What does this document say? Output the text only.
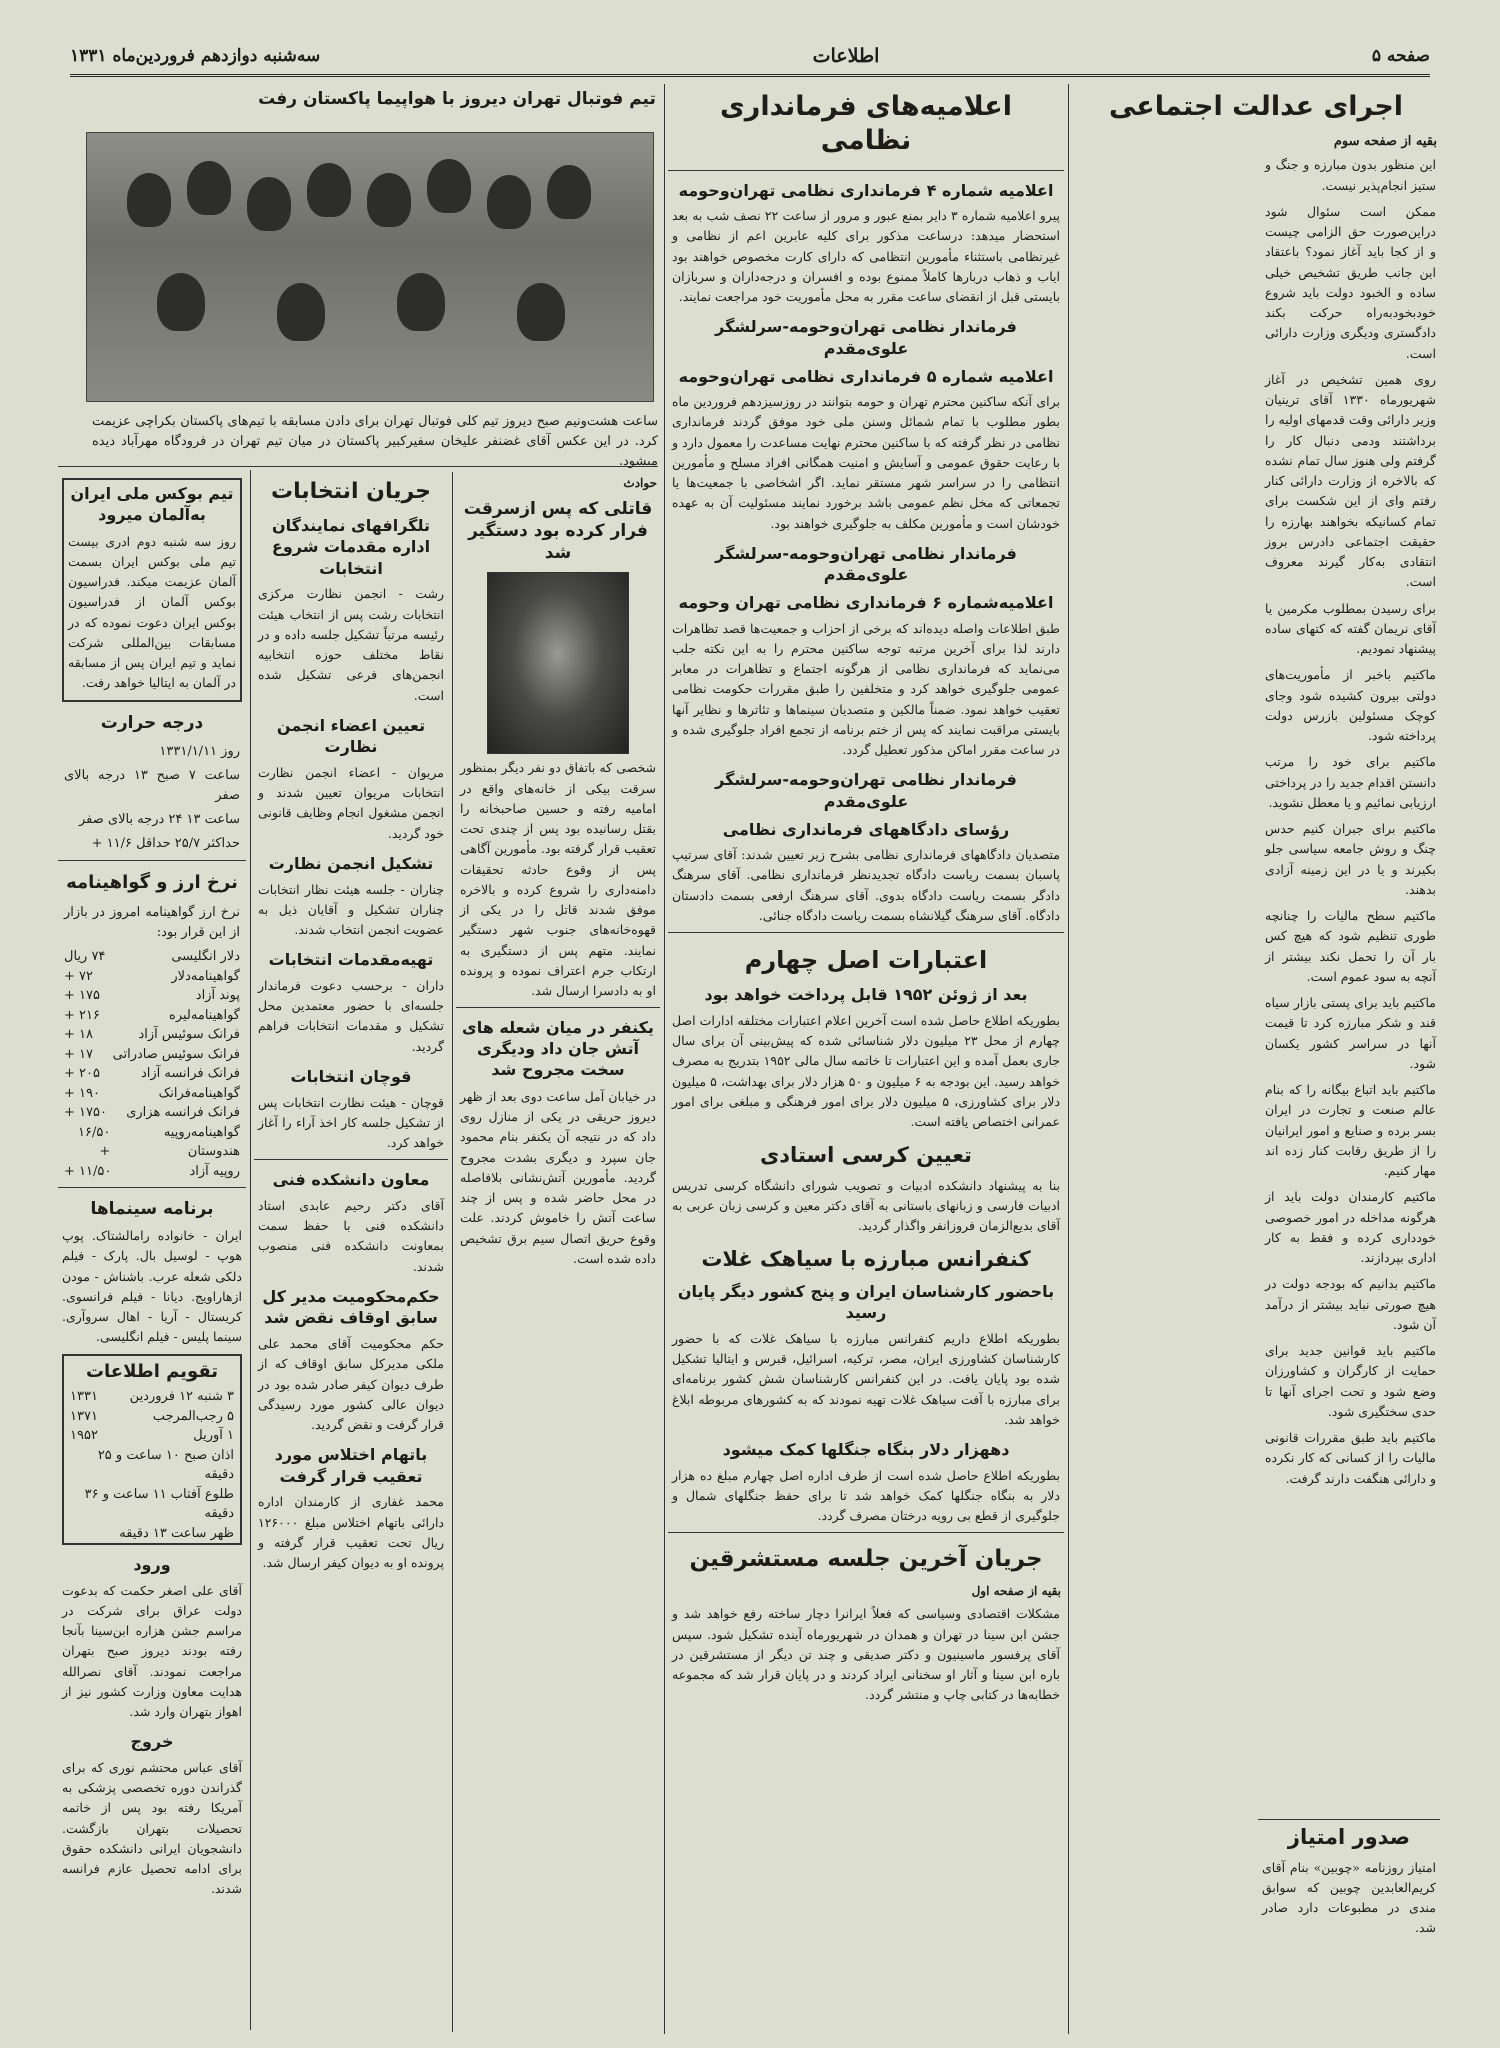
صفحه ۵
اطلاعات
سه‌شنبه دوازدهم فروردین‌ماه ۱۳۳۱
اجرای عدالت اجتماعی
بقیه از صفحه سوم

این منظور بدون مبارزه و جنگ و ستیز انجام‌پذیر نیست.

ممکن است سئوال شود دراین‌صورت حق الزامی چیست و از کجا باید آغاز نمود؟ باعتقاد این جانب طریق تشخیص خیلی ساده و الخبود دولت باید شروع خودبخودبه‌راه حرکت بکند دادگستری ودیگری وزارت دارائی است.

روی همین تشخیص در آغاز شهریورماه ۱۳۳۰ آقای ترینیان وزیر دارائی وقت قدمهای اولیه را برداشتند ودمی دنبال کار را گرفتم ولی هنوز سال تمام نشده که بالاخره از وزارت دارائی کنار رفتم وای از این شکست برای تمام کسانیکه بخواهند بهارزه را حقیقت اجتماعی دادرس بروز انتقادی به‌کار گیرند معروف است.

برای رسیدن بمطلوب مکرمین یا آقای نریمان گفته که کتهای ساده پیشنهاد نمودیم.

ماکتیم باخبر از مأموریت‌های دولتی بیرون کشیده شود وجای کوچک مسئولین بازرس دولت پرداخته شود.

ماکتیم برای خود را مرتب دانستن اقدام جدید را در پرداختی ارزیابی نمائیم و یا معطل نشوید.

ماکتیم برای جبران کنیم حدس چنگ و روش جامعه سیاسی جلو بکیرند و یا در این زمینه آزادی بدهند.

ماکتیم سطح مالیات را چنانچه طوری تنظیم شود که هیچ کس بار آن را تحمل نکند بیشتر از آنچه به سود عموم است.

ماکتیم باید برای پستی بازار سیاه قند و شکر مبارزه کرد تا قیمت آنها در سراسر کشور یکسان شود.

ماکتیم باید اتباع بیگانه را که بنام عالم صنعت و تجارت در ایران بسر برده و صنایع و امور ایرانیان را از طریق رقابت کنار زده اند مهار کنیم.

ماکتیم کارمندان دولت باید از هرگونه مداخله در امور خصوصی خودداری کرده و فقط به کار اداری بپردازند.

ماکتیم بدانیم که بودجه دولت در هیچ صورتی نباید بیشتر از درآمد آن شود.

ماکتیم باید قوانین جدید برای حمایت از کارگران و کشاورزان وضع شود و تحت اجرای آنها تا حدی سختگیری شود.

ماکتیم باید طبق مقررات قانونی مالیات را از کسانی که کار نکرده و دارائی هنگفت دارند گرفت.

صدور امتیاز

امتیاز روزنامه «چوبین» بنام آقای کریم‌العابدین چوبین که سوابق مندی در مطبوعات دارد صادر شد.

اعلامیه‌های فرمانداری نظامی
اعلامیه شماره ۴ فرمانداری نظامی تهران‌وحومه

پیرو اعلامیه شماره ۳ دایر بمنع عبور و مرور از ساعت ۲۲ نصف شب به بعد استحضار میدهد: درساعت مذکور برای کلیه عابرین اعم از نظامی و غیرنظامی باستثناء مأمورین انتظامی که دارای کارت مخصوص خواهند بود ایاب و ذهاب دربارها کاملاً ممنوع بوده و افسران و درجه‌داران و سربازان بایستی قبل از انقضای ساعت مقرر به محل مأموریت خود مراجعت نمایند.

فرماندار نظامی تهران‌وحومه-سرلشگر علوی‌مقدم
اعلامیه شماره ۵ فرمانداری نظامی تهران‌وحومه

برای آنکه ساکنین محترم تهران و حومه بتوانند در روزسیزدهم فروردین ماه بطور مطلوب با تمام شمائل وسنن ملی خود موفق گردند فرمانداری نظامی در نظر گرفته که با ساکنین محترم نهایت مساعدت را معمول دارد و با رعایت حقوق عمومی و آسایش و امنیت همگانی افراد مسلح و مأمورین انتظامی را در سراسر شهر مستقر نماید. اگر اشخاصی با جمعیت‌ها یا تجمعاتی که مخل نظم عمومی باشد برخورد نمایند مسئولیت آن به عهده خودشان است و مأمورین مکلف به جلوگیری خواهند بود.

فرماندار نظامی تهران‌وحومه-سرلشگر علوی‌مقدم
اعلامیه‌شماره ۶ فرمانداری نظامی تهران وحومه

طبق اطلاعات واصله دیده‌اند که برخی از احزاب و جمعیت‌ها قصد تظاهرات دارند لذا برای آخرین مرتبه توجه ساکنین محترم را به این نکته جلب می‌نماید که فرمانداری نظامی از هرگونه اجتماع و تظاهرات در معابر عمومی جلوگیری خواهد کرد و متخلفین را طبق مقررات حکومت نظامی تعقیب خواهد نمود. ضمناً مالکین و متصدیان سینماها و تئاترها و نظایر آنها بایستی مراقبت نمایند که پس از ختم برنامه از تجمع افراد جلوگیری شده و در ساعت مقرر اماکن مذکور تعطیل گردد.

فرماندار نظامی تهران‌وحومه-سرلشگر علوی‌مقدم
رؤسای دادگاههای فرمانداری نظامی

متصدیان دادگاههای فرمانداری نظامی بشرح زیر تعیین شدند: آقای سرتیپ پاسبان بسمت ریاست دادگاه تجدیدنظر فرمانداری نظامی. آقای سرهنگ دادگر بسمت ریاست دادگاه بدوی. آقای سرهنگ ارفعی بسمت دادستان دادگاه. آقای سرهنگ گیلانشاه بسمت ریاست دادگاه جنائی.

اعتبارات اصل چهارم
بعد از ژوئن ۱۹۵۲ قابل پرداخت خواهد بود

بطوریکه اطلاع حاصل شده است آخرین اعلام اعتبارات مختلفه ادارات اصل چهارم از محل ۲۳ میلیون دلار شناسائی شده که پیش‌بینی آن برای سال جاری بعمل آمده و این اعتبارات تا خاتمه سال مالی ۱۹۵۲ بتدریج به مصرف خواهد رسید. این بودجه به ۶ میلیون و ۵۰ هزار دلار برای بهداشت، ۵ میلیون دلار برای کشاورزی، ۵ میلیون دلار برای امور فرهنگی و مبلغی برای امور عمرانی اختصاص یافته است.

تعیین کرسی استادی

بنا به پیشنهاد دانشکده ادبیات و تصویب شورای دانشگاه کرسی تدریس ادبیات فارسی و زبانهای باستانی به آقای دکتر معین و کرسی زبان عربی به آقای بدیع‌الزمان فروزانفر واگذار گردید.

کنفرانس مبارزه با سیاهک غلات
باحضور کارشناسان ایران و پنج کشور دیگر پایان رسید

بطوریکه اطلاع داریم کنفرانس مبارزه با سیاهک غلات که با حضور کارشناسان کشاورزی ایران، مصر، ترکیه، اسرائیل، قبرس و ایتالیا تشکیل شده بود پایان یافت. در این کنفرانس کارشناسان شش کشور برنامه‌ای برای مبارزه با آفت سیاهک غلات تهیه نمودند که به کشورهای مربوطه ابلاغ خواهد شد.

دههزار دلار بنگاه جنگلها کمک میشود

بطوریکه اطلاع حاصل شده است از طرف اداره اصل چهارم مبلغ ده هزار دلار به بنگاه جنگلها کمک خواهد شد تا برای حفظ جنگلهای شمال و جلوگیری از قطع بی رویه درختان مصرف گردد.

جریان آخرین جلسه مستشرقین
بقیه از صفحه اول

مشکلات اقتصادی وسیاسی که فعلاً ایرانرا دچار ساخته رفع خواهد شد و جشن ابن سینا در تهران و همدان در شهریورماه آینده تشکیل شود. سپس آقای پرفسور ماسینیون و دکتر صدیقی و چند تن دیگر از مستشرقین در باره ابن سینا و آثار او سخنانی ایراد کردند و در پایان قرار شد که مجموعه خطابه‌ها در کتابی چاپ و منتشر گردد.

تیم فوتبال تهران دیروز با هواپیما پاکستان رفت
ساعت هشت‌ونیم صبح دیروز تیم کلی فوتبال تهران برای دادن مسابقه با تیم‌های پاکستان بکراچی عزیمت کرد. در این عکس آقای غضنفر علیخان سفیرکبیر پاکستان در میان تیم تهران در فرودگاه مهرآباد دیده میشود.
حوادث
قاتلی که پس ازسرقت فرار کرده بود دستگیر شد

شخصی که باتفاق دو نفر دیگر بمنظور سرقت بیکی از خانه‌های واقع در امامیه رفته و حسین صاحبخانه را بقتل رسانیده بود پس از چندی تحت تعقیب قرار گرفته بود. مأمورین آگاهی پس از وقوع حادثه تحقیقات دامنه‌داری را شروع کرده و بالاخره موفق شدند قاتل را در یکی از قهوه‌خانه‌های جنوب شهر دستگیر نمایند. متهم پس از دستگیری به ارتکاب جرم اعتراف نموده و پرونده او به دادسرا ارسال شد.

یکنفر در میان شعله های آتش جان داد ودیگری سخت مجروح شد

در خیابان آمل ساعت دوی بعد از ظهر دیروز حریقی در یکی از منازل روی داد که در نتیجه آن یکنفر بنام محمود جان سپرد و دیگری بشدت مجروح گردید. مأمورین آتش‌نشانی بلافاصله در محل حاضر شده و پس از چند ساعت آتش را خاموش کردند. علت وقوع حریق اتصال سیم برق تشخیص داده شده است.

جریان انتخابات
تلگرافهای نمایندگان اداره مقدمات شروع انتخابات

رشت - انجمن نظارت مرکزی انتخابات رشت پس از انتخاب هیئت رئیسه مرتباً تشکیل جلسه داده و در نقاط مختلف حوزه انتخابیه انجمن‌های فرعی تشکیل شده است.

تعیین اعضاء انجمن نظارت

مریوان - اعضاء انجمن نظارت انتخابات مریوان تعیین شدند و انجمن مشغول انجام وظایف قانونی خود گردید.

تشکیل انجمن نظارت

چناران - جلسه هیئت نظار انتخابات چناران تشکیل و آقایان ذیل به عضویت انجمن انتخاب شدند.

تهیه‌مقدمات انتخابات

داران - برحسب دعوت فرماندار جلسه‌ای با حضور معتمدین محل تشکیل و مقدمات انتخابات فراهم گردید.

قوچان انتخابات

قوچان - هیئت نظارت انتخابات پس از تشکیل جلسه کار اخذ آراء را آغاز خواهد کرد.

معاون دانشکده فنی

آقای دکتر رحیم عابدی استاد دانشکده فنی با حفظ سمت بمعاونت دانشکده فنی منصوب شدند.

حکم‌محکومیت مدیر کل سابق اوقاف نقض شد

حکم محکومیت آقای محمد علی ملکی مدیرکل سابق اوقاف که از طرف دیوان کیفر صادر شده بود در دیوان عالی کشور مورد رسیدگی قرار گرفت و نقض گردید.

باتهام اختلاس مورد تعقیب قرار گرفت

محمد غفاری از کارمندان اداره دارائی باتهام اختلاس مبلغ ۱۲۶۰۰۰ ریال تحت تعقیب قرار گرفته و پرونده او به دیوان کیفر ارسال شد.

تیم بوکس ملی ایران به‌آلمان میرود

روز سه شنبه دوم ادری بیست تیم ملی بوکس ایران بسمت آلمان عزیمت میکند. فدراسیون بوکس آلمان از فدراسیون بوکس ایران دعوت نموده که در مسابقات بین‌المللی شرکت نماید و تیم ایران پس از مسابقه در آلمان به ایتالیا خواهد رفت.

درجه حرارت
روز ۱۳۳۱/۱/۱۱
ساعت ۷ صبح ۱۳ درجه بالای صفر
ساعت ۱۳ ۲۴ درجه بالای صفر
حداکثر ۲۵/۷ حداقل ۱۱/۶ +
نرخ ارز و گواهینامه
نرخ ارز گواهینامه امروز در بازار از این قرار بود:
دلار انگلیسی
۷۴ ریال
گواهینامه‌دلار
۷۲ +
پوند آزاد
۱۷۵ +
گواهینامه‌لیره
۲۱۶ +
فرانک سوئیس آزاد
۱۸ +
فرانک سوئیس صادراتی
۱۷ +
فرانک فرانسه آزاد
۲۰۵ +
گواهینامه‌فرانک
۱۹۰ +
فرانک فرانسه هزاری
۱۷۵۰ +
گواهینامه‌روپیه هندوستان
۱۶/۵۰ +
روپیه آزاد
۱۱/۵۰ +
برنامه سینماها

ایران - خانواده رامالشتاک. پوپ هوپ - لوسیل بال. پارک - فیلم دلکی شعله عرب. باشناش - مودن ازهاراویج. دیانا - فیلم فرانسوی. کریستال - آریا - اهال سروآری. سینما پلیس - فیلم انگلیسی.

تقویم اطلاعات
۳ شنبه ۱۲ فروردین
۱۳۳۱
۵ رجب‌المرجب
۱۳۷۱
۱ آوریل
۱۹۵۲
اذان صبح ۱۰ ساعت و ۲۵ دقیقه
طلوع آفتاب ۱۱ ساعت و ۳۶ دقیقه
ظهر ساعت ۱۳ دقیقه
ورود

آقای علی اصغر حکمت که بدعوت دولت عراق برای شرکت در مراسم جشن هزاره ابن‌سینا بآنجا رفته بودند دیروز صبح بتهران مراجعت نمودند. آقای نصرالله هدایت معاون وزارت کشور نیز از اهواز بتهران وارد شد.

خروج

آقای عباس محتشم نوری که برای گذراندن دوره تخصصی پزشکی به آمریکا رفته بود پس از خاتمه تحصیلات بتهران بازگشت. دانشجویان ایرانی دانشکده حقوق برای ادامه تحصیل عازم فرانسه شدند.
